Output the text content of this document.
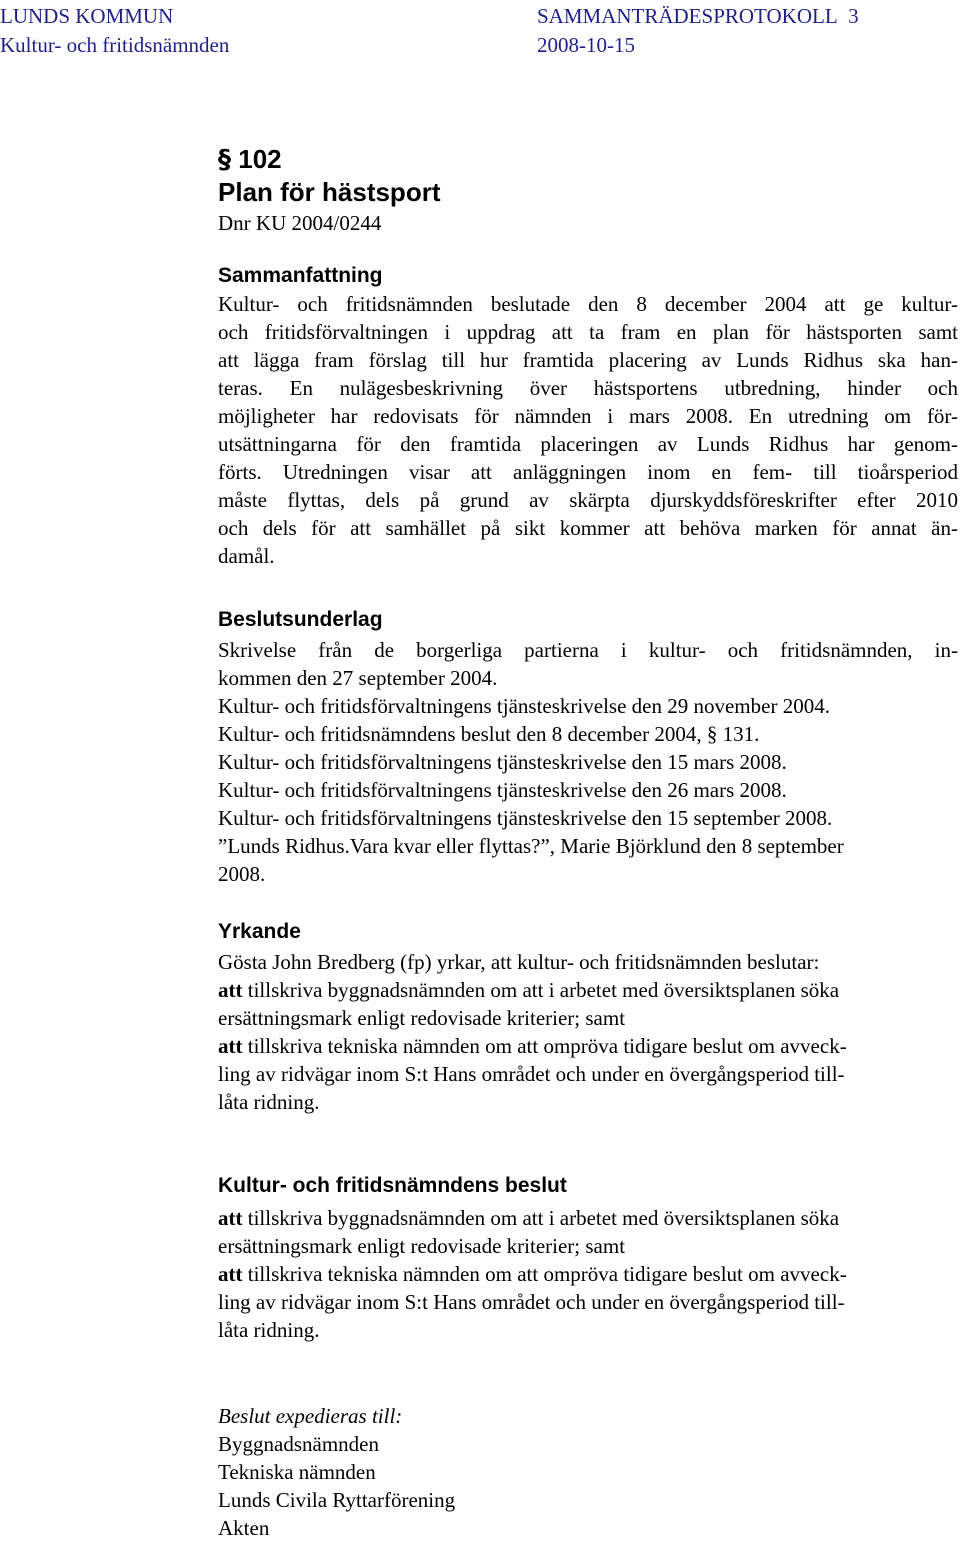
LUNDS KOMMUN	SAMMANTRÄDESPROTOKOLL 3
Kultur- och fritidsnämnden	2008-10-15
§ 102
Plan för hästsport
Dnr KU 2004/0244
Sammanfattning
Kultur- och fritidsnämnden beslutade den 8 december 2004 att ge kultur-
och fritidsförvaltningen i uppdrag att ta fram en plan för hästsporten samt
att lägga fram förslag till hur framtida placering av Lunds Ridhus ska han-
teras. En nulägesbeskrivning över hästsportens utbredning, hinder och
möjligheter har redovisats för nämnden i mars 2008. En utredning om för-
utsättningarna för den framtida placeringen av Lunds Ridhus har genom-
förts. Utredningen visar att anläggningen inom en fem- till tioårsperiod
måste flyttas, dels på grund av skärpta djurskyddsföreskrifter efter 2010
och dels för att samhället på sikt kommer att behöva marken för annat än-
damål.
Beslutsunderlag
Skrivelse från de borgerliga partierna i kultur- och fritidsnämnden, in-
kommen den 27 september 2004.
Kultur- och fritidsförvaltningens tjänsteskrivelse den 29 november 2004.
Kultur- och fritidsnämndens beslut den 8 december 2004, § 131.
Kultur- och fritidsförvaltningens tjänsteskrivelse den 15 mars 2008.
Kultur- och fritidsförvaltningens tjänsteskrivelse den 26 mars 2008.
Kultur- och fritidsförvaltningens tjänsteskrivelse den 15 september 2008.
”Lunds Ridhus.Vara kvar eller flyttas?”, Marie Björklund den 8 september
2008.
Yrkande
Gösta John Bredberg (fp) yrkar, att kultur- och fritidsnämnden beslutar:
att tillskriva byggnadsnämnden om att i arbetet med översiktsplanen söka
ersättningsmark enligt redovisade kriterier; samt
att tillskriva tekniska nämnden om att ompröva tidigare beslut om avveck-
ling av ridvägar inom S:t Hans området och under en övergångsperiod till-
låta ridning.
Kultur- och fritidsnämndens beslut
att tillskriva byggnadsnämnden om att i arbetet med översiktsplanen söka
ersättningsmark enligt redovisade kriterier; samt
att tillskriva tekniska nämnden om att ompröva tidigare beslut om avveck-
ling av ridvägar inom S:t Hans området och under en övergångsperiod till-
låta ridning.
Beslut expedieras till:
Byggnadsnämnden
Tekniska nämnden
Lunds Civila Ryttarförening
Akten
